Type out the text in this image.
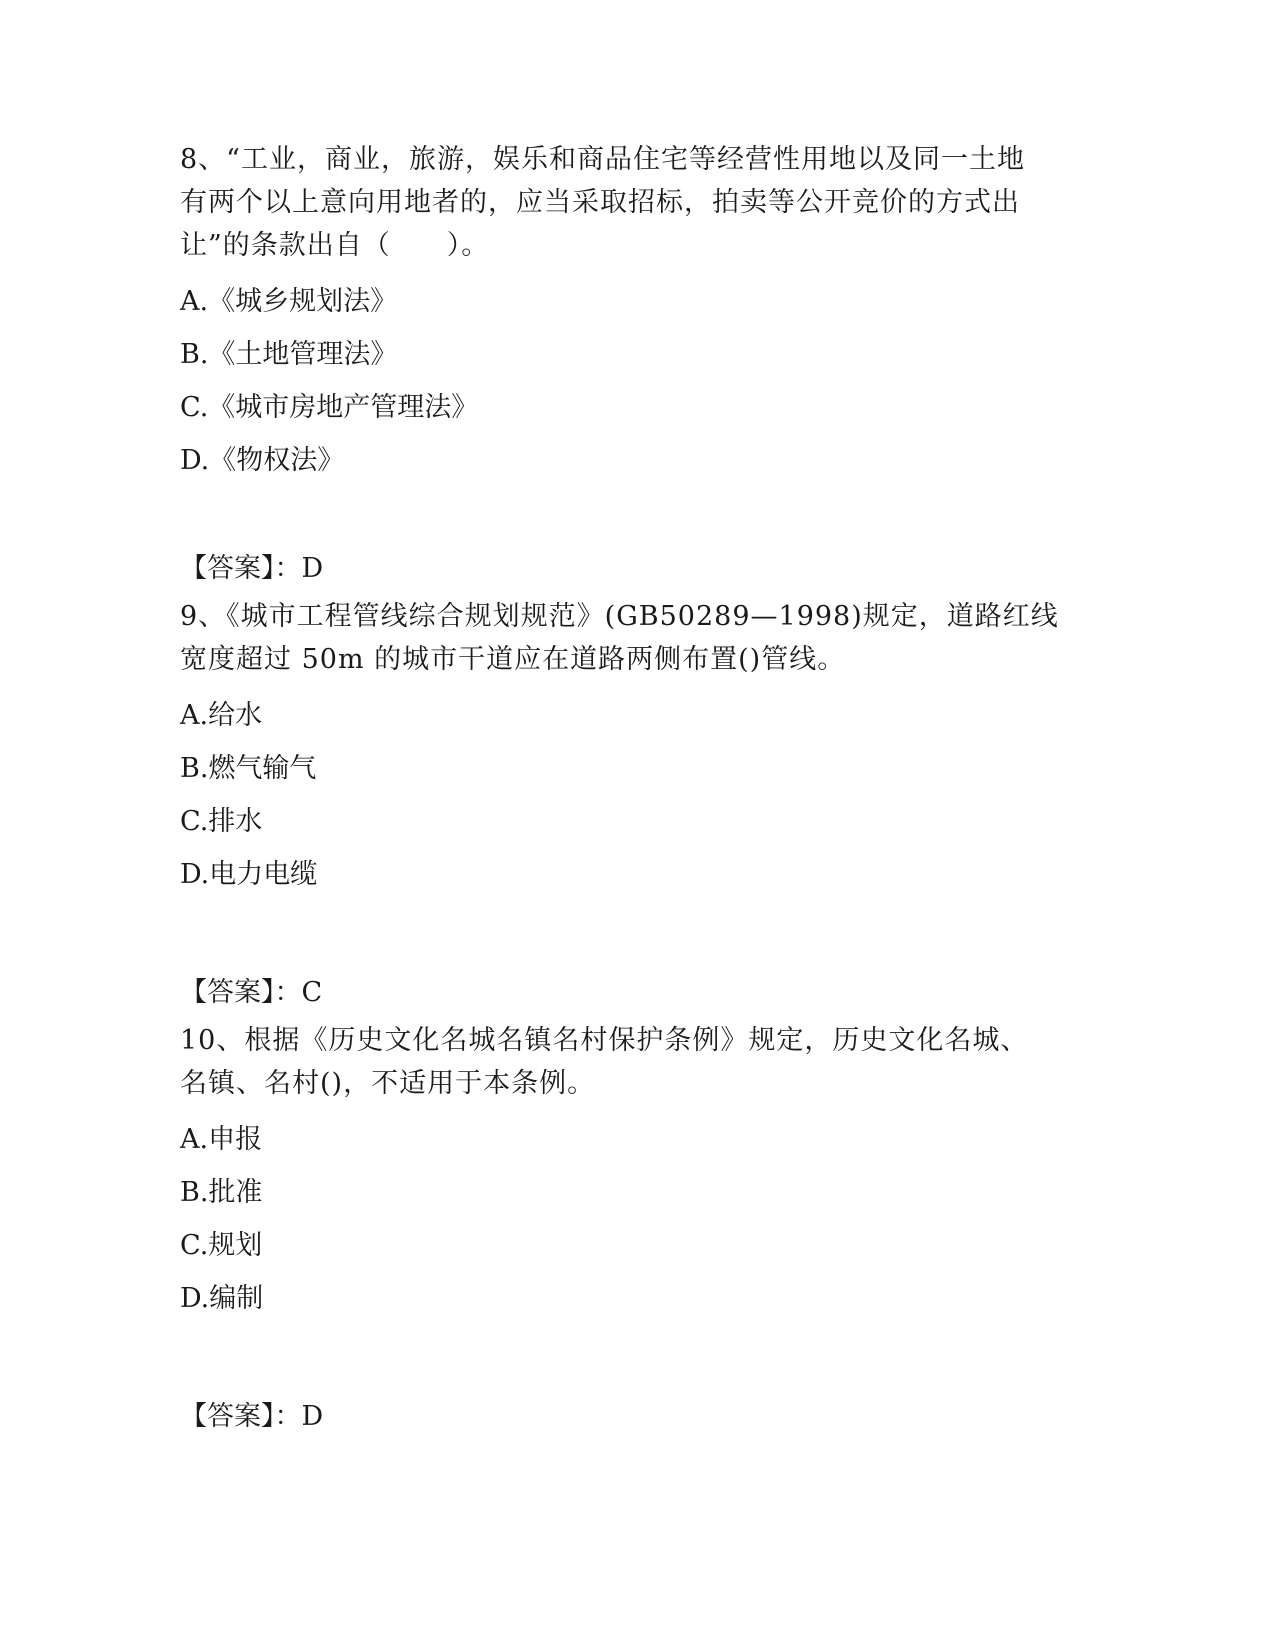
8、“工业，商业，旅游，娱乐和商品住宅等经营性用地以及同一土地
有两个以上意向用地者的，应当采取招标，拍卖等公开竞价的方式出
让”的条款出自（　　）。

A.《城乡规划法》

B.《土地管理法》

C.《城市房地产管理法》

D.《物权法》

【答案】：D

9、《城市工程管线综合规划规范》(GB50289—1998)规定，道路红线
宽度超过 50m 的城市干道应在道路两侧布置()管线。

A.给水

B.燃气输气

C.排水

D.电力电缆

【答案】：C

10、根据《历史文化名城名镇名村保护条例》规定，历史文化名城、
名镇、名村()，不适用于本条例。

A.申报

B.批准

C.规划

D.编制

【答案】：D
